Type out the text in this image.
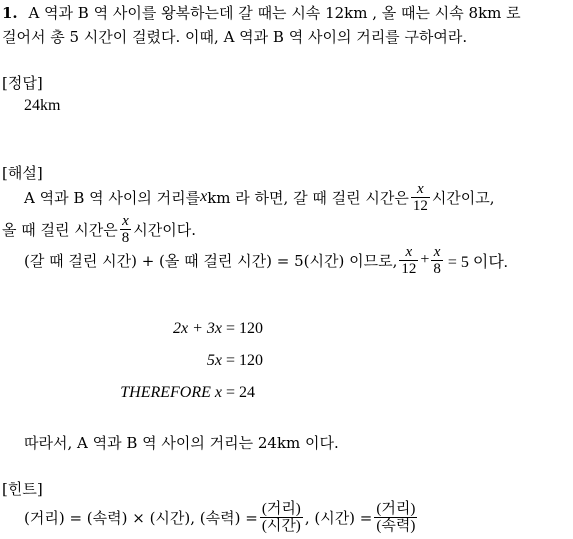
1. A 역과 B 역 사이를 왕복하는데 갈 때는 시속 12km , 올 때는 시속 8km 로
걸어서 총 5 시간이 걸렸다. 이때, A 역과 B 역 사이의 거리를 구하여라.
[정답]
24km
[해설]
A 역과 B 역 사이의 거리를 x km 라 하면, 갈 때 걸린 시간은 $\frac{x}{12}$ 시간이고,
올 때 걸린 시간은 $\frac{x}{8}$ 시간이다.
(갈 때 걸린 시간) + (올 때 걸린 시간) = 5(시간) 이므로, $\frac{x}{12} + \frac{x}{8} = 5$ 이다.
2x + 3x = 120
5x = 120
THEREFORE x = 24
따라서, A 역과 B 역 사이의 거리는 24km 이다.
[힌트]
(거리) = (속력) × (시간), (속력) = $\frac{\text{(거리)}}{\text{(시간)}}$ , (시간) = $\frac{\text{(거리)}}{\text{(속력)}}$
